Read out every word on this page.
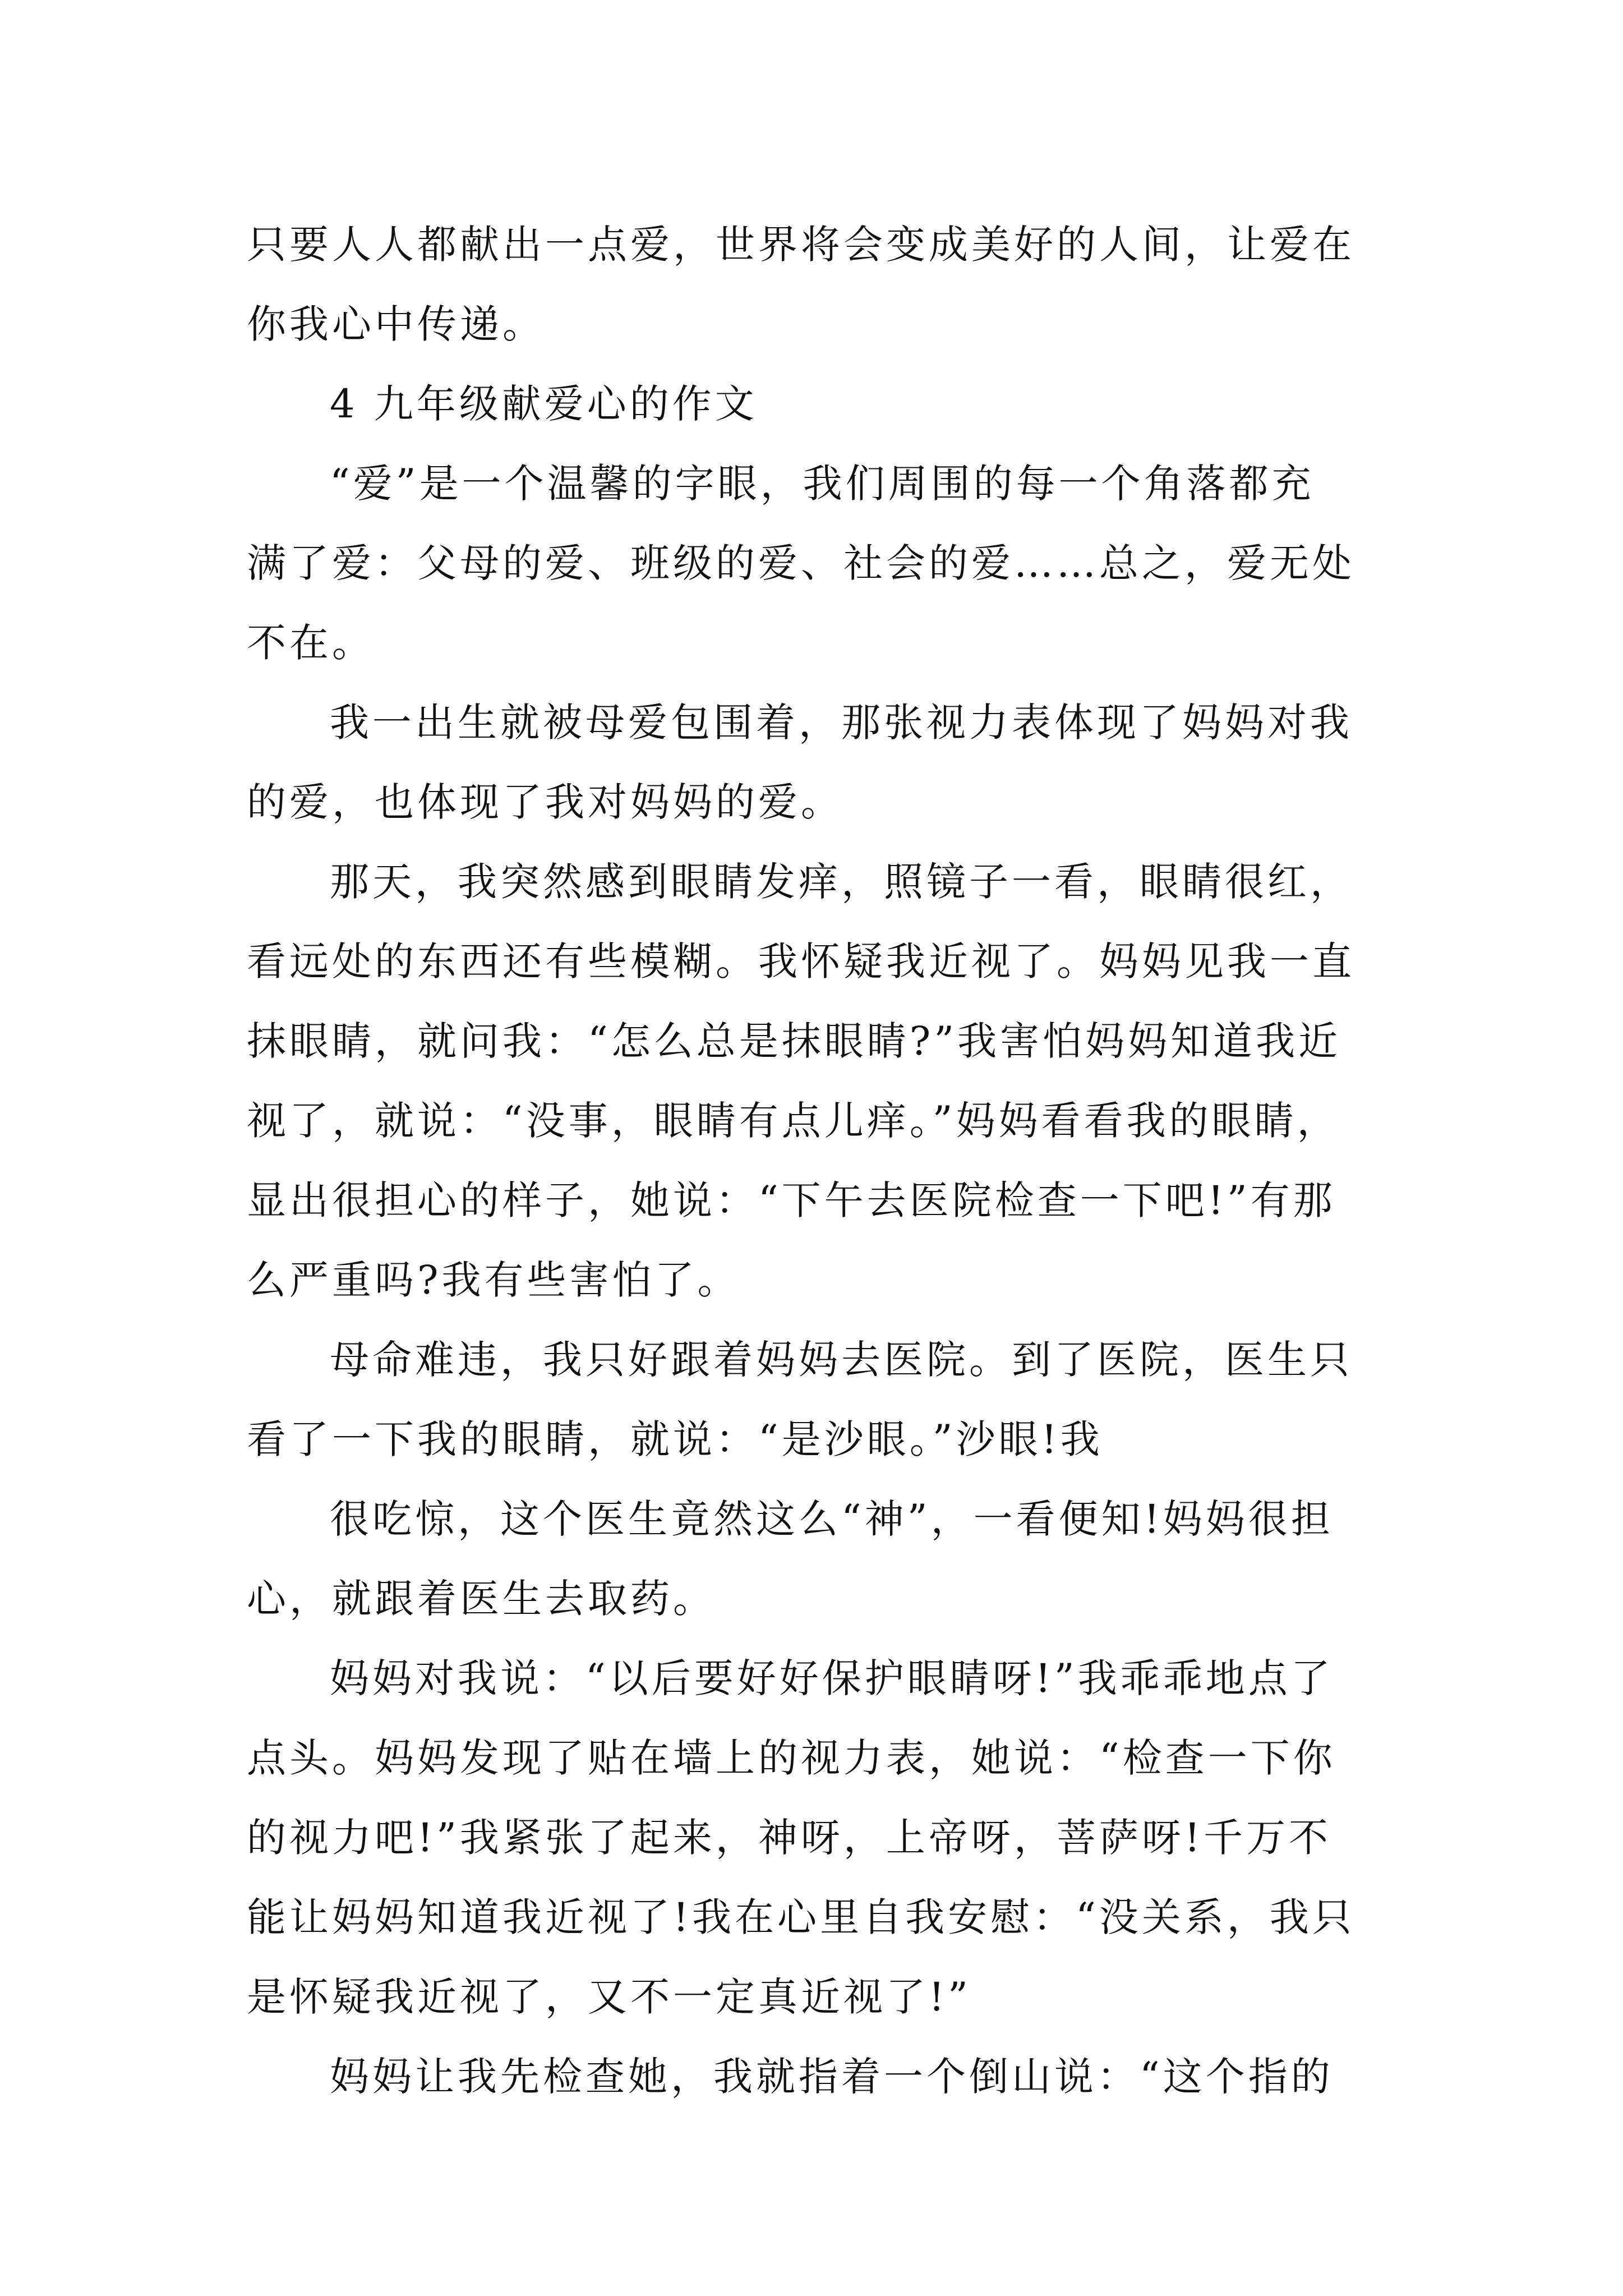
只要人人都献出一点爱，世界将会变成美好的人间，让爱在
你我心中传递。
4 九年级献爱心的作文
“爱”是一个温馨的字眼，我们周围的每一个角落都充
满了爱：父母的爱、班级的爱、社会的爱……总之，爱无处
不在。
我一出生就被母爱包围着，那张视力表体现了妈妈对我
的爱，也体现了我对妈妈的爱。
那天，我突然感到眼睛发痒，照镜子一看，眼睛很红，
看远处的东西还有些模糊。我怀疑我近视了。妈妈见我一直
抹眼睛，就问我：“怎么总是抹眼睛?”我害怕妈妈知道我近
视了，就说：“没事，眼睛有点儿痒。”妈妈看看我的眼睛，
显出很担心的样子，她说：“下午去医院检查一下吧!”有那
么严重吗?我有些害怕了。
母命难违，我只好跟着妈妈去医院。到了医院，医生只
看了一下我的眼睛，就说：“是沙眼。”沙眼!我
很吃惊，这个医生竟然这么“神”，一看便知!妈妈很担
心，就跟着医生去取药。
妈妈对我说：“以后要好好保护眼睛呀!”我乖乖地点了
点头。妈妈发现了贴在墙上的视力表，她说：“检查一下你
的视力吧!”我紧张了起来，神呀，上帝呀，菩萨呀!千万不
能让妈妈知道我近视了!我在心里自我安慰：“没关系，我只
是怀疑我近视了，又不一定真近视了!”
妈妈让我先检查她，我就指着一个倒山说：“这个指的
